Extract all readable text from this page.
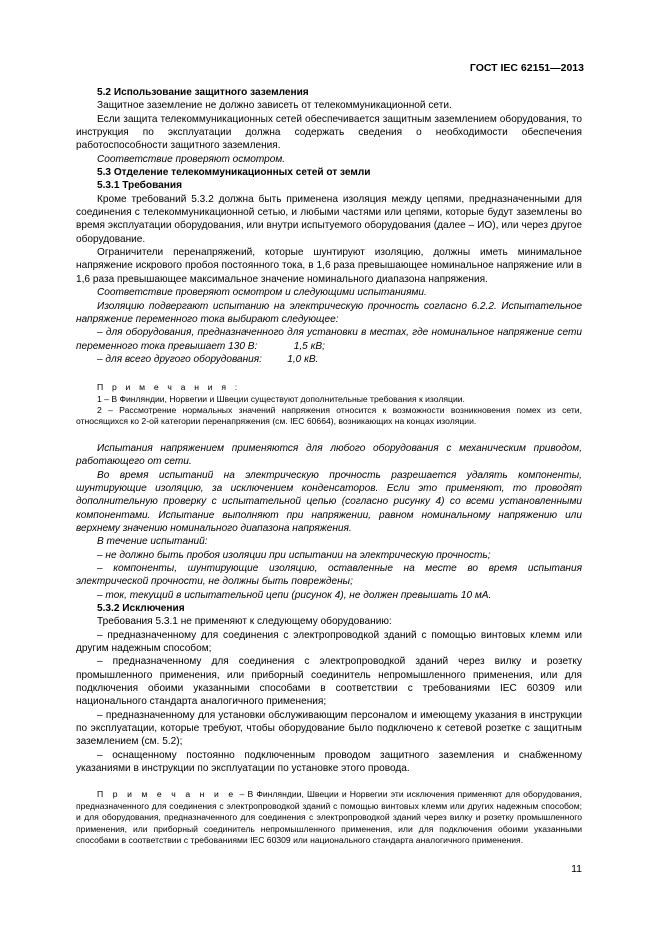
ГОСТ IEC 62151—2013

5.2 Использование защитного заземления

Защитное заземление не должно зависеть от телекоммуникационной сети.

Если защита телекоммуникационных сетей обеспечивается защитным заземлением оборудования, то инструкция по эксплуатации должна содержать сведения о необходимости обеспечения работоспособности защитного заземления.

Соответствие проверяют осмотром.

5.3 Отделение телекоммуникационных сетей от земли

5.3.1 Требования

Кроме требований 5.3.2 должна быть применена изоляция между цепями, предназначенными для соединения с телекоммуникационной сетью, и любыми частями или цепями, которые будут заземлены во время эксплуатации оборудования, или внутри испытуемого оборудования (далее – ИО), или через другое оборудование.

Ограничители перенапряжений, которые шунтируют изоляцию, должны иметь минимальное напряжение искрового пробоя постоянного тока, в 1,6 раза превышающее номинальное напряжение или в 1,6 раза превышающее максимальное значение номинального диапазона напряжения.

Соответствие проверяют осмотром и следующими испытаниями.

Изоляцию подвергают испытанию на электрическую прочность согласно 6.2.2. Испытательное напряжение переменного тока выбирают следующее:

– для оборудования, предназначенного для установки в местах, где номинальное напряжение сети переменного тока превышает 130 В:             1,5 кВ;

– для всего другого оборудования:         1,0 кВ.

П р и м е ч а н и я :

1 – В Финляндии, Норвегии и Швеции существуют дополнительные требования к изоляции.

2 – Рассмотрение нормальных значений напряжения относится к возможности возникновения помех из сети, относящихся ко 2-ой категории перенапряжения (см. IEC 60664), возникающих на концах изоляции.

Испытания напряжением применяются для любого оборудования с механическим приводом, работающего от сети.

Во время испытаний на электрическую прочность разрешается удалять компоненты, шунтирующие изоляцию, за исключением конденсаторов. Если это применяют, то проводят дополнительную проверку с испытательной цепью (согласно рисунку 4) со всеми установленными компонентами. Испытание выполняют при напряжении, равном номинальному напряжению или верхнему значению номинального диапазона напряжения.

В течение испытаний:

– не должно быть пробоя изоляции при испытании на электрическую прочность;

– компоненты, шунтирующие изоляцию, оставленные на месте во время испытания электрической прочности, не должны быть повреждены;

– ток, текущий в испытательной цепи (рисунок 4), не должен превышать 10 мА.

5.3.2 Исключения

Требования 5.3.1 не применяют к следующему оборудованию:

– предназначенному для соединения с электропроводкой зданий с помощью винтовых клемм или другим надежным способом;

– предназначенному для соединения с электропроводкой зданий через вилку и розетку промышленного применения, или приборный соединитель непромышленного применения, или для подключения обоими указанными способами в соответствии с требованиями IEC 60309 или национального стандарта аналогичного применения;

– предназначенному для установки обслуживающим персоналом и имеющему указания в инструкции по эксплуатации, которые требуют, чтобы оборудование было подключено к сетевой розетке с защитным заземлением (см. 5.2);

– оснащенному постоянно подключенным проводом защитного заземления и снабженному указаниями в инструкции по эксплуатации по установке этого провода.

П р и м е ч а н и е – В Финляндии, Швеции и Норвегии эти исключения применяют для оборудования, предназначенного для соединения с электропроводкой зданий с помощью винтовых клемм или других надежным способом; и для оборудования, предназначенного для соединения с электропроводкой зданий через вилку и розетку промышленного применения, или приборный соединитель непромышленного применения, или для подключения обоими указанными способами в соответствии с требованиями IEC 60309 или национального стандарта аналогичного применения.

11
